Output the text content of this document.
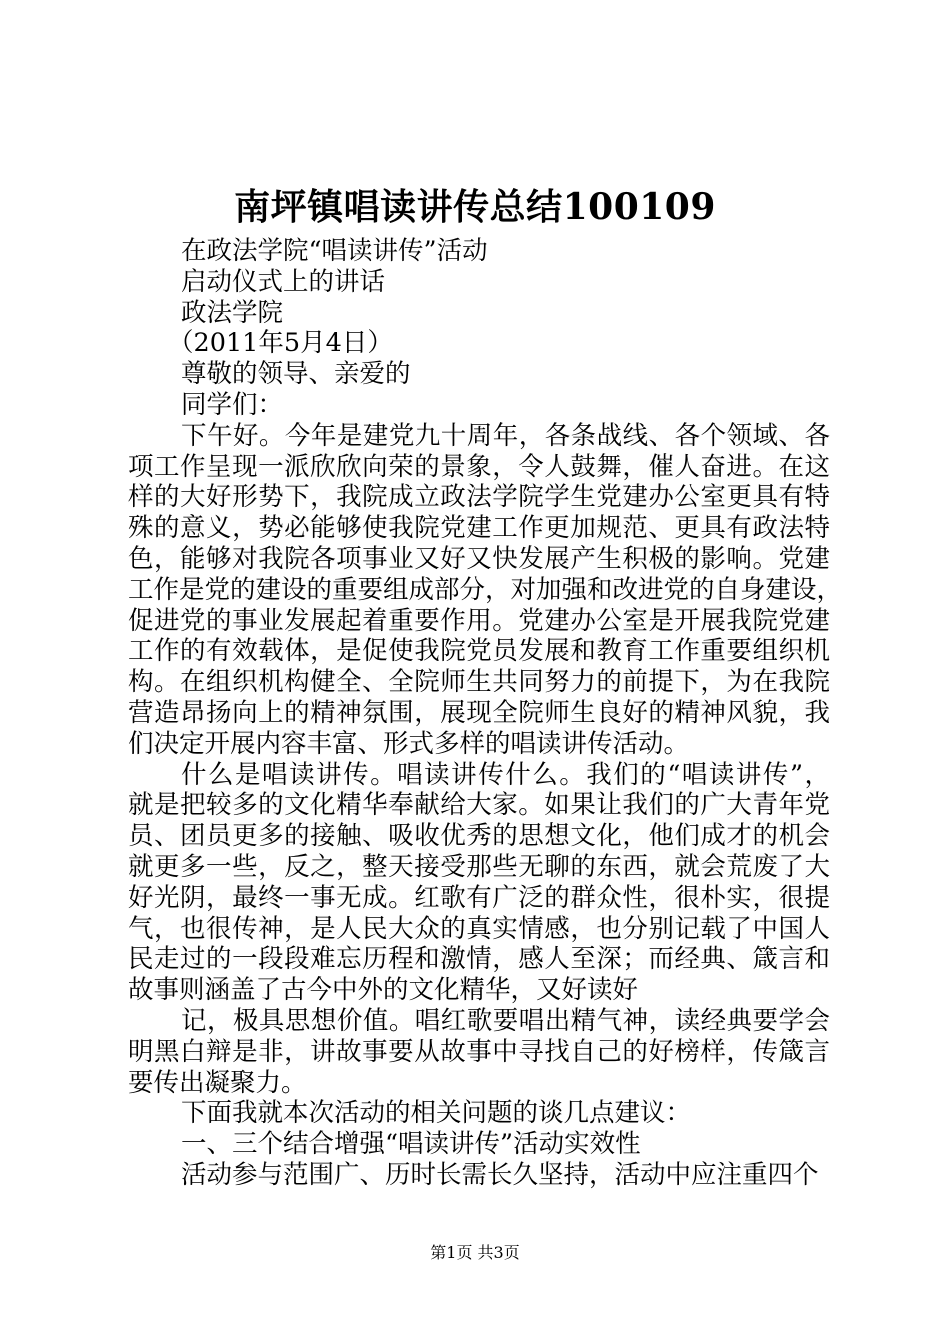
南坪镇唱读讲传总结100109
在政法学院“唱读讲传”活动
启动仪式上的讲话
政法学院
（2011年5月4日）
尊敬的领导、亲爱的
同学们：
下午好。今年是建党九十周年，各条战线、各个领域、各
项工作呈现一派欣欣向荣的景象，令人鼓舞，催人奋进。在这
样的大好形势下，我院成立政法学院学生党建办公室更具有特
殊的意义，势必能够使我院党建工作更加规范、更具有政法特
色，能够对我院各项事业又好又快发展产生积极的影响。党建
工作是党的建设的重要组成部分，对加强和改进党的自身建设，
促进党的事业发展起着重要作用。党建办公室是开展我院党建
工作的有效载体，是促使我院党员发展和教育工作重要组织机
构。在组织机构健全、全院师生共同努力的前提下，为在我院
营造昂扬向上的精神氛围，展现全院师生良好的精神风貌，我
们决定开展内容丰富、形式多样的唱读讲传活动。
什么是唱读讲传。唱读讲传什么。我们的“唱读讲传”，
就是把较多的文化精华奉献给大家。如果让我们的广大青年党
员、团员更多的接触、吸收优秀的思想文化，他们成才的机会
就更多一些，反之，整天接受那些无聊的东西，就会荒废了大
好光阴，最终一事无成。红歌有广泛的群众性，很朴实，很提
气，也很传神，是人民大众的真实情感，也分别记载了中国人
民走过的一段段难忘历程和激情，感人至深；而经典、箴言和
故事则涵盖了古今中外的文化精华，又好读好
记，极具思想价值。唱红歌要唱出精气神，读经典要学会
明黑白辩是非，讲故事要从故事中寻找自己的好榜样，传箴言
要传出凝聚力。
下面我就本次活动的相关问题的谈几点建议：
一、三个结合增强“唱读讲传”活动实效性
活动参与范围广、历时长需长久坚持，活动中应注重四个
第1页 共3页
